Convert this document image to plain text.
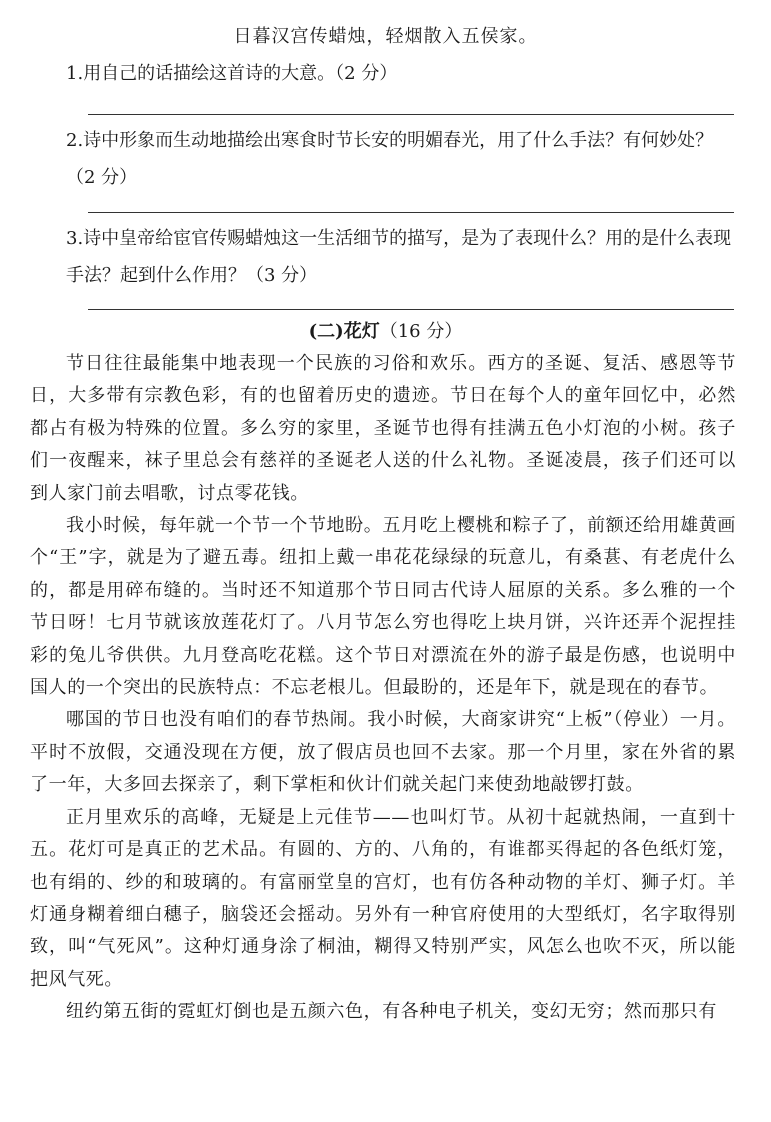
日暮汉宫传蜡烛，轻烟散入五侯家。
1.用自己的话描绘这首诗的大意。（2 分）
2.诗中形象而生动地描绘出寒食时节长安的明媚春光，用了什么手法？有何妙处？（2 分）
3.诗中皇帝给宦官传赐蜡烛这一生活细节的描写，是为了表现什么？用的是什么表现手法？起到什么作用？（3 分）
(二)花灯（16 分）

节日往往最能集中地表现一个民族的习俗和欢乐。西方的圣诞、复活、感恩等节日，大多带有宗教色彩，有的也留着历史的遗迹。节日在每个人的童年回忆中，必然都占有极为特殊的位置。多么穷的家里，圣诞节也得有挂满五色小灯泡的小树。孩子们一夜醒来，袜子里总会有慈祥的圣诞老人送的什么礼物。圣诞凌晨，孩子们还可以到人家门前去唱歌，讨点零花钱。

我小时候，每年就一个节一个节地盼。五月吃上樱桃和粽子了，前额还给用雄黄画个“王”字，就是为了避五毒。纽扣上戴一串花花绿绿的玩意儿，有桑葚、有老虎什么的，都是用碎布缝的。当时还不知道那个节日同古代诗人屈原的关系。多么雅的一个节日呀！七月节就该放莲花灯了。八月节怎么穷也得吃上块月饼，兴许还弄个泥捏挂彩的兔儿爷供供。九月登高吃花糕。这个节日对漂流在外的游子最是伤感，也说明中国人的一个突出的民族特点：不忘老根儿。但最盼的，还是年下，就是现在的春节。

哪国的节日也没有咱们的春节热闹。我小时候，大商家讲究“上板”（停业）一月。平时不放假，交通没现在方便，放了假店员也回不去家。那一个月里，家在外省的累了一年，大多回去探亲了，剩下掌柜和伙计们就关起门来使劲地敲锣打鼓。

正月里欢乐的高峰，无疑是上元佳节——也叫灯节。从初十起就热闹，一直到十五。花灯可是真正的艺术品。有圆的、方的、八角的，有谁都买得起的各色纸灯笼，也有绢的、纱的和玻璃的。有富丽堂皇的宫灯，也有仿各种动物的羊灯、狮子灯。羊灯通身糊着细白穗子，脑袋还会摇动。另外有一种官府使用的大型纸灯，名字取得别致，叫“气死风”。这种灯通身涂了桐油，糊得又特别严实，风怎么也吹不灭，所以能把风气死。

纽约第五街的霓虹灯倒也是五颜六色，有各种电子机关，变幻无穷；然而那只有
